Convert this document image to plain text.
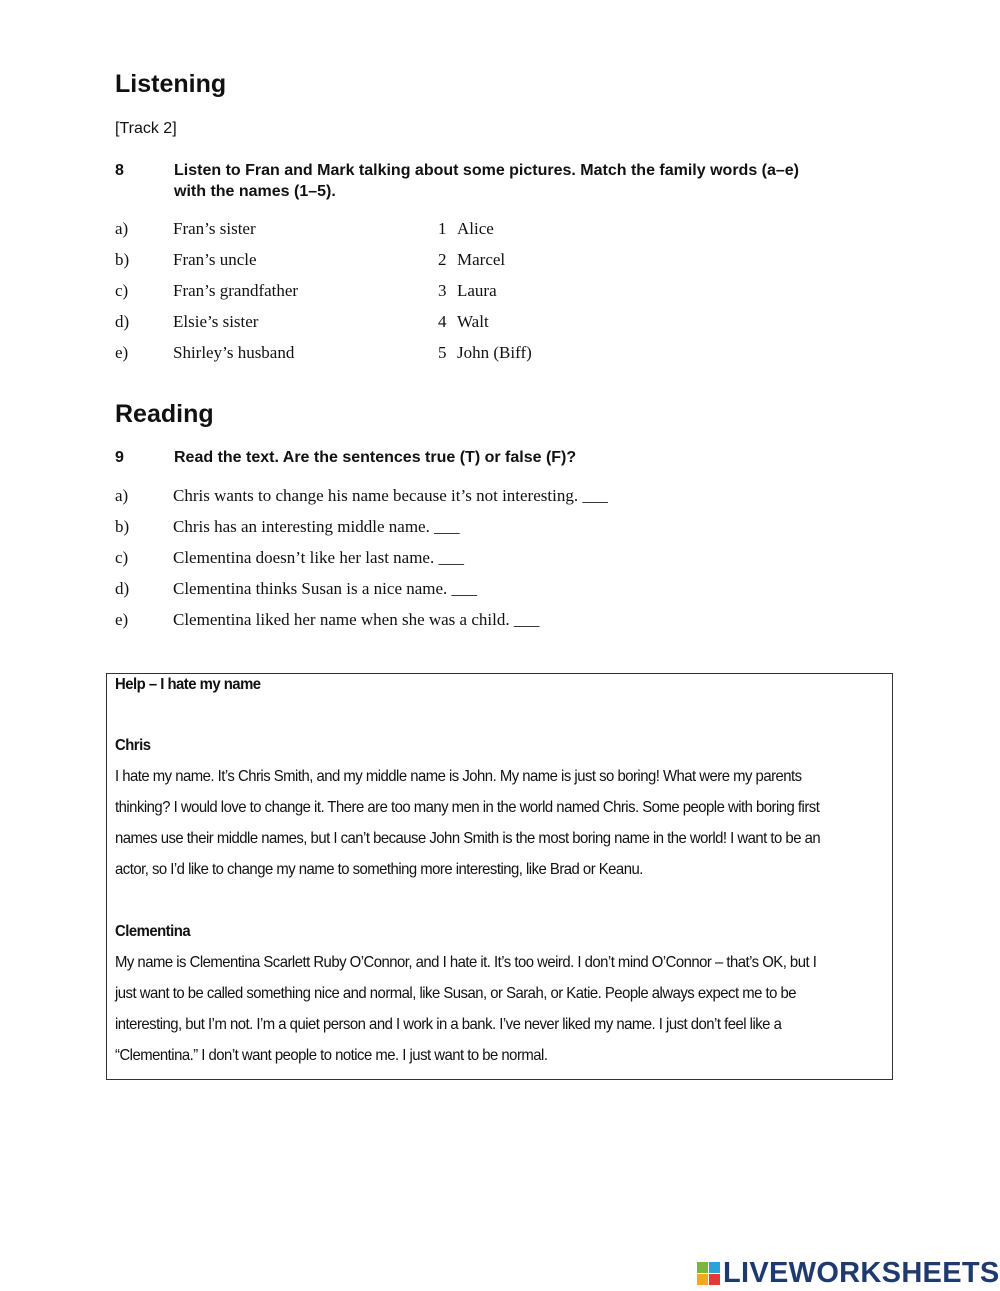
Listening
[Track 2]
8	Listen to Fran and Mark talking about some pictures. Match the family words (a–e)
with the names (1–5).
a)	Fran’s sister	1 Alice
b)	Fran’s uncle	2 Marcel
c)	Fran’s grandfather	3 Laura
d)	Elsie’s sister	4 Walt
e)	Shirley’s husband	5 John (Biff)
Reading
9	Read the text. Are the sentences true (T) or false (F)?
a)	Chris wants to change his name because it’s not interesting. ___
b)	Chris has an interesting middle name. ___
c)	Clementina doesn’t like her last name. ___
d)	Clementina thinks Susan is a nice name. ___
e)	Clementina liked her name when she was a child. ___
Help – I hate my name
Chris
I hate my name. It’s Chris Smith, and my middle name is John. My name is just so boring! What were my parents
thinking? I would love to change it. There are too many men in the world named Chris. Some people with boring first
names use their middle names, but I can’t because John Smith is the most boring name in the world! I want to be an
actor, so I’d like to change my name to something more interesting, like Brad or Keanu.
Clementina
My name is Clementina Scarlett Ruby O’Connor, and I hate it. It’s too weird. I don’t mind O’Connor – that’s OK, but I
just want to be called something nice and normal, like Susan, or Sarah, or Katie. People always expect me to be
interesting, but I’m not. I’m a quiet person and I work in a bank. I’ve never liked my name. I just don’t feel like a
“Clementina.” I don’t want people to notice me. I just want to be normal.
LIVEWORKSHEETS
